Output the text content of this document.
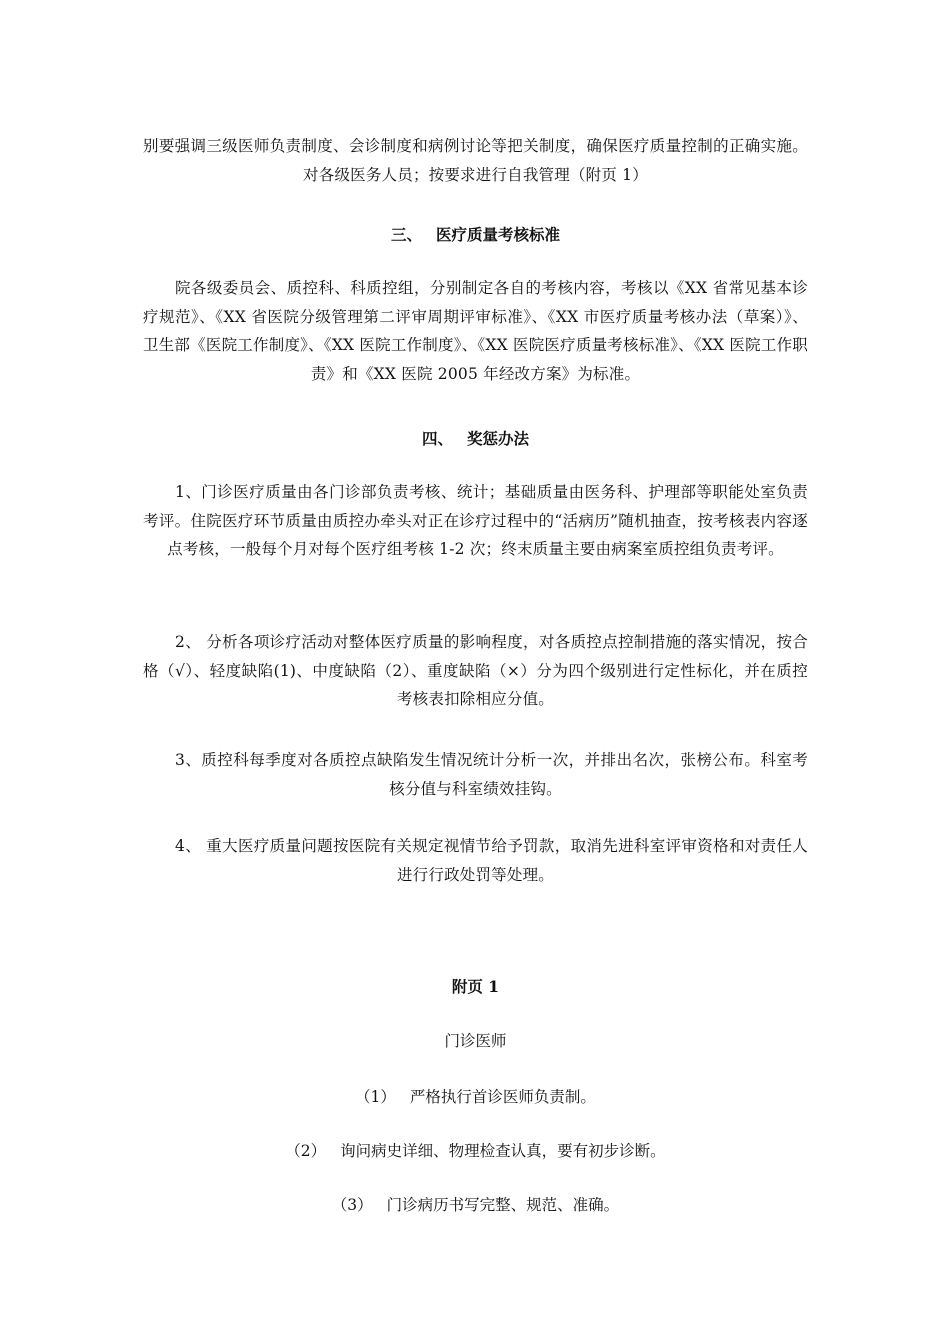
别要强调三级医师负责制度、会诊制度和病例讨论等把关制度，确保医疗质量控制的正确实施。对各级医务人员；按要求进行自我管理（附页 1）

三、 医疗质量考核标准

院各级委员会、质控科、科质控组，分别制定各自的考核内容，考核以《XX 省常见基本诊疗规范》、《XX 省医院分级管理第二评审周期评审标准》、《XX 市医疗质量考核办法（草案）》、卫生部《医院工作制度》、《XX 医院工作制度》、《XX 医院医疗质量考核标准》、《XX 医院工作职责》和《XX 医院 2005 年经改方案》为标准。

四、 奖惩办法

1、门诊医疗质量由各门诊部负责考核、统计；基础质量由医务科、护理部等职能处室负责考评。住院医疗环节质量由质控办牵头对正在诊疗过程中的“活病历”随机抽查，按考核表内容逐点考核，一般每个月对每个医疗组考核 1-2 次；终末质量主要由病案室质控组负责考评。

2、 分析各项诊疗活动对整体医疗质量的影响程度，对各质控点控制措施的落实情况，按合格（√）、轻度缺陷(1)、中度缺陷（2）、重度缺陷（×）分为四个级别进行定性标化，并在质控考核表扣除相应分值。

3、质控科每季度对各质控点缺陷发生情况统计分析一次，并排出名次，张榜公布。科室考核分值与科室绩效挂钩。

4、 重大医疗质量问题按医院有关规定视情节给予罚款，取消先进科室评审资格和对责任人进行行政处罚等处理。

附页 1
门诊医师
（1） 严格执行首诊医师负责制。
（2） 询问病史详细、物理检查认真，要有初步诊断。
（3） 门诊病历书写完整、规范、准确。
